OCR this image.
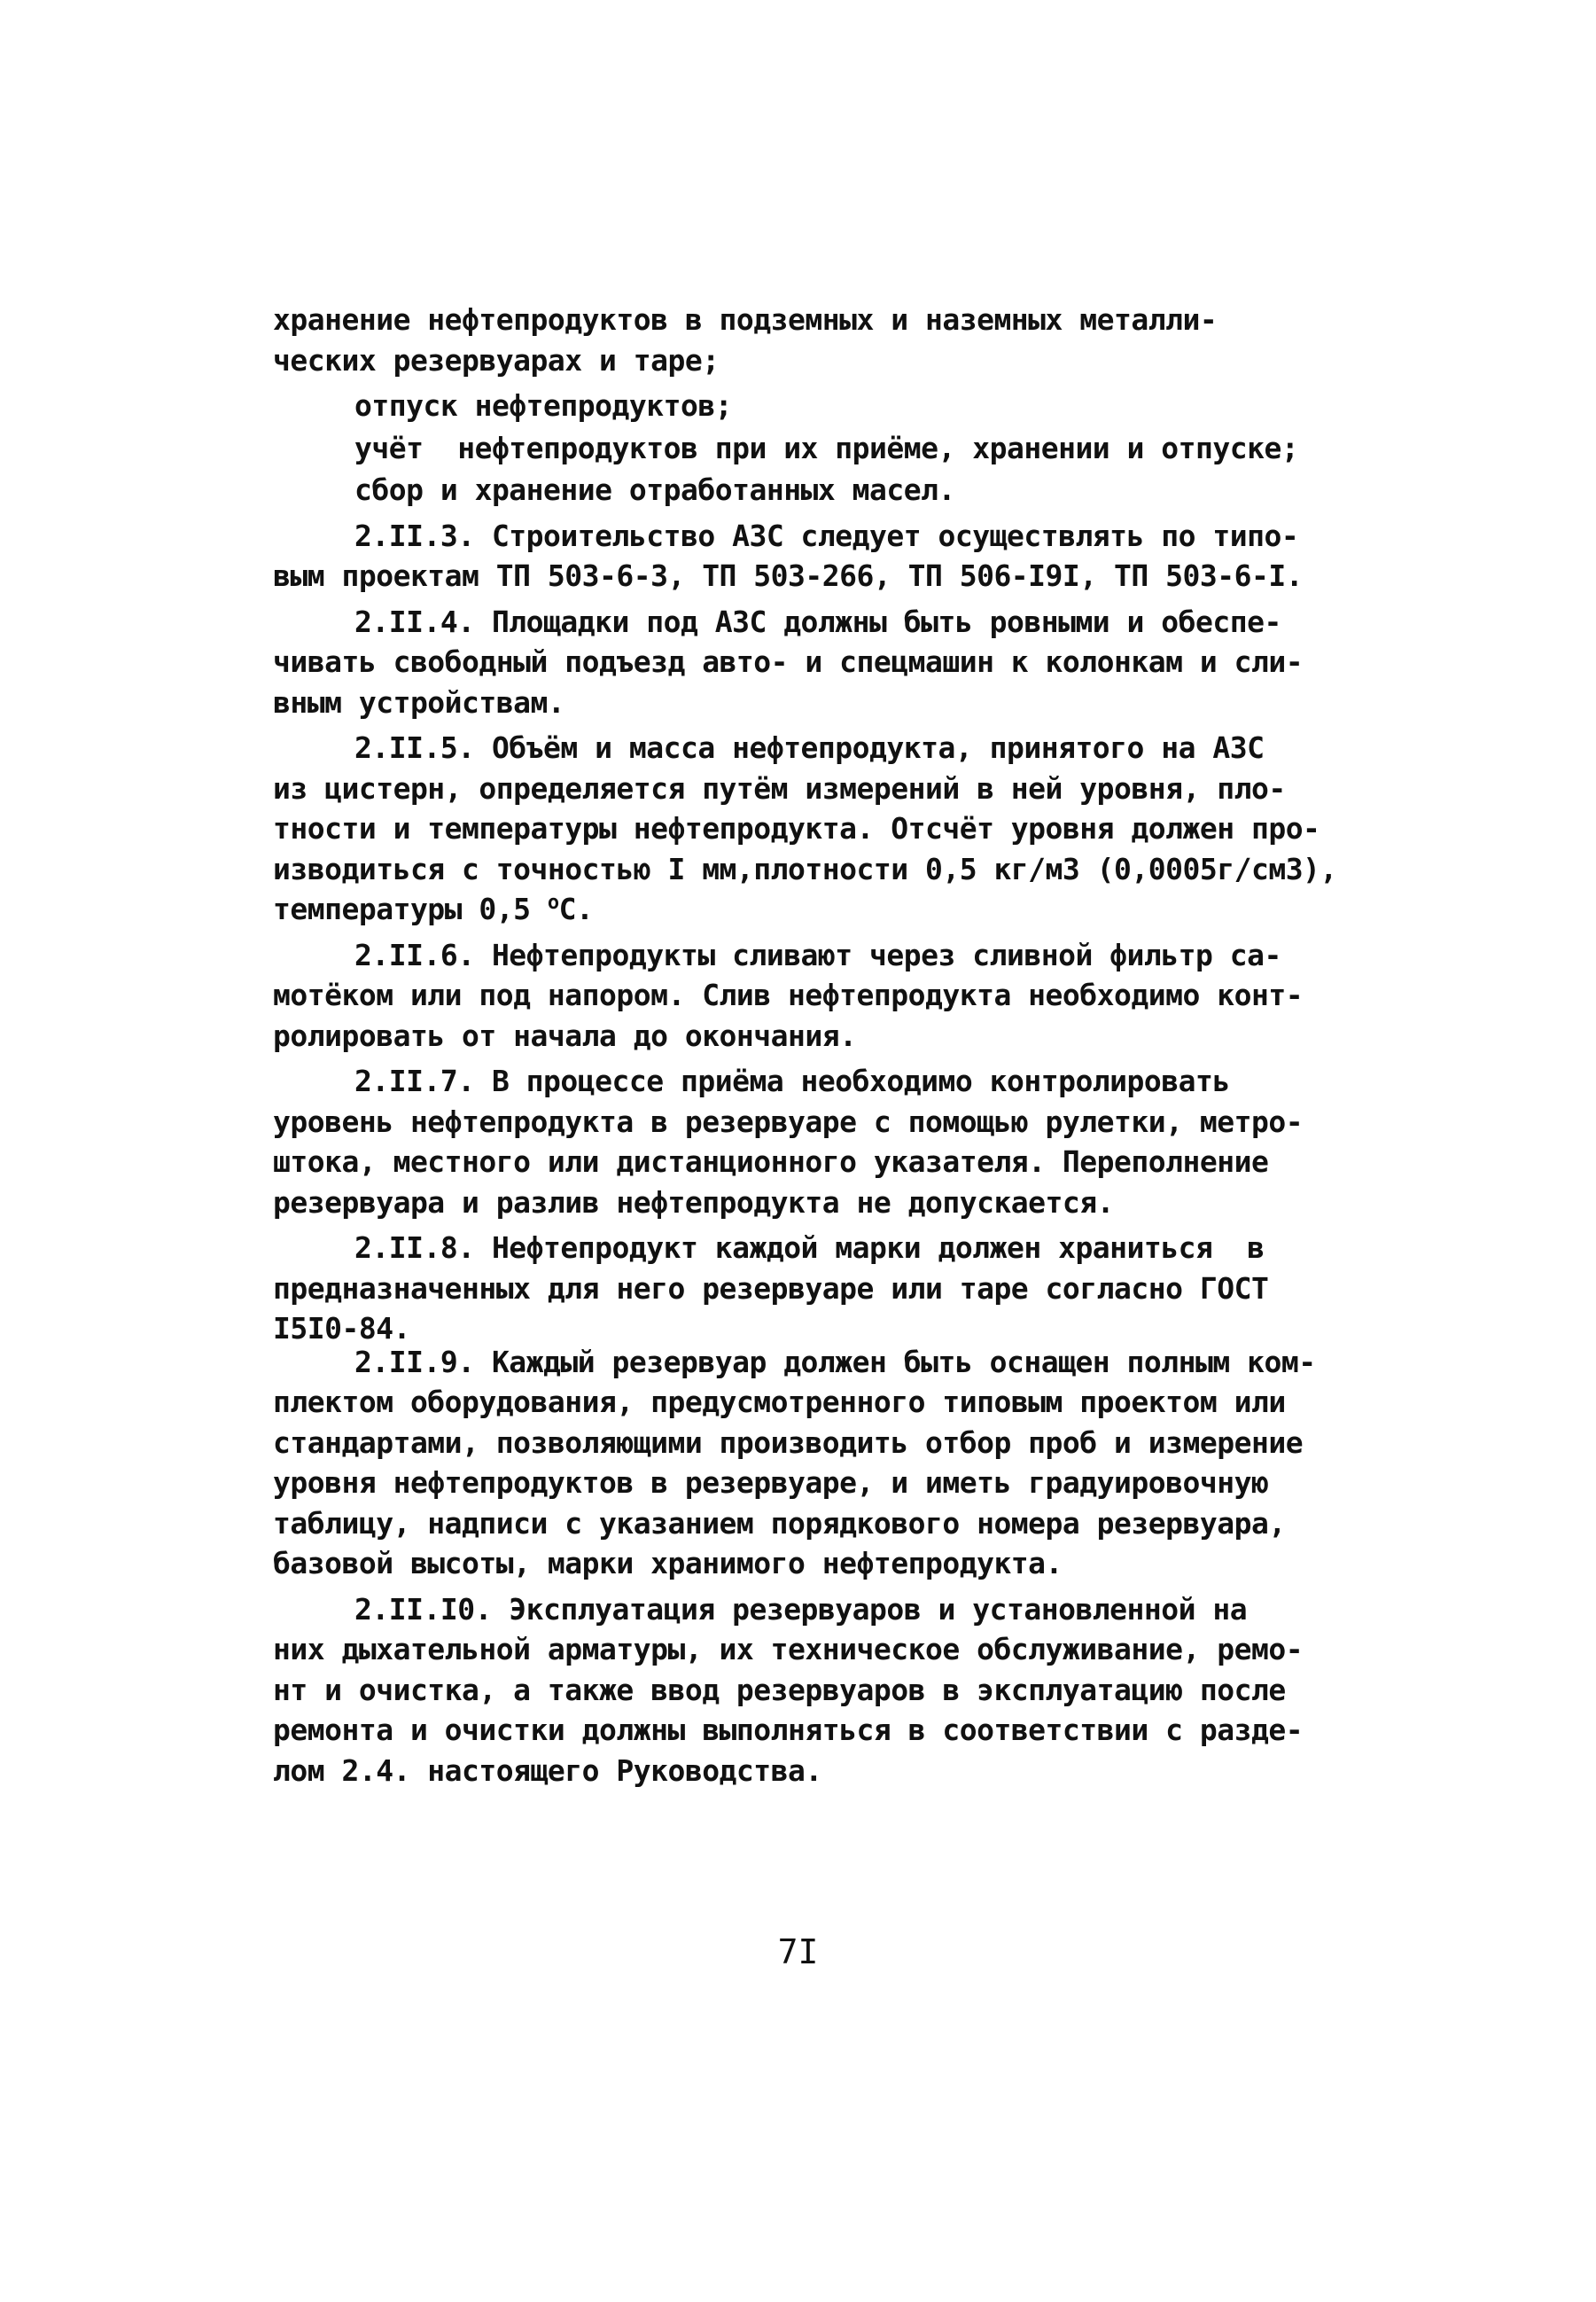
хранение нефтепродуктов в подземных и наземных металли-
ческих резервуарах и таре;
отпуск нефтепродуктов;
учёт  нефтепродуктов при их приёме, хранении и отпуске;
сбор и хранение отработанных масел.
2.II.3. Строительство АЗС следует осуществлять по типо-
вым проектам ТП 503-6-3, ТП 503-266, ТП 506-I9I, ТП 503-6-I.
2.II.4. Площадки под АЗС должны быть ровными и обеспе-
чивать свободный подъезд авто- и спецмашин к колонкам и сли-
вным устройствам.
2.II.5. Объём и масса нефтепродукта, принятого на АЗС
из цистерн, определяется путём измерений в ней уровня, пло-
тности и температуры нефтепродукта. Отсчёт уровня должен про-
изводиться с точностью I мм,плотности 0,5 кг/м3 (0,0005г/см3),
температуры 0,5 $^о$С.
2.II.6. Нефтепродукты сливают через сливной фильтр са-
мотёком или под напором. Слив нефтепродукта необходимо конт-
ролировать от начала до окончания.
2.II.7. В процессе приёма необходимо контролировать
уровень нефтепродукта в резервуаре с помощью рулетки, метро-
штока, местного или дистанционного указателя. Переполнение
резервуара и разлив нефтепродукта не допускается.
2.II.8. Нефтепродукт каждой марки должен храниться  в
предназначенных для него резервуаре или таре согласно ГОСТ
I5I0-84.
2.II.9. Каждый резервуар должен быть оснащен полным ком-
плектом оборудования, предусмотренного типовым проектом или
стандартами, позволяющими производить отбор проб и измерение
уровня нефтепродуктов в резервуаре, и иметь градуировочную
таблицу, надписи с указанием порядкового номера резервуара,
базовой высоты, марки хранимого нефтепродукта.
2.II.I0. Эксплуатация резервуаров и установленной на
них дыхательной арматуры, их техническое обслуживание, ремо-
нт и очистка, а также ввод резервуаров в эксплуатацию после
ремонта и очистки должны выполняться в соответствии с разде-
лом 2.4. настоящего Руководства.
7I
